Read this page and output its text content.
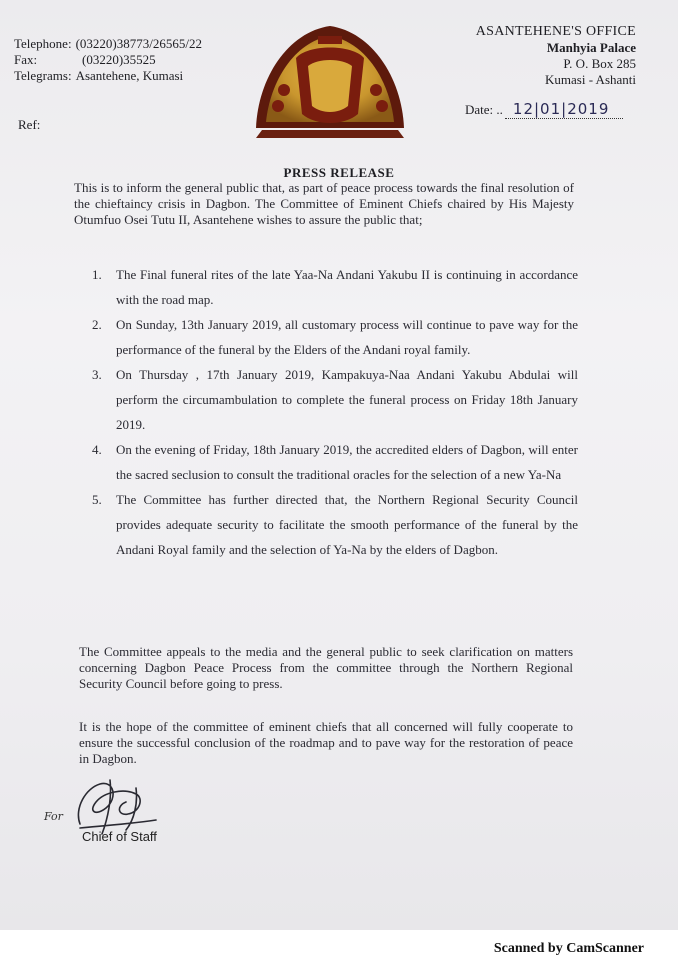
Telephone: (03220)38773/26565/22
Fax:	(03220)35525
Telegrams: Asantehene, Kumasi
Ref:
ASANTEHENE'S OFFICE
Manhyia Palace
P. O. Box 285
Kumasi - Ashanti
Date: .. 12|01|2019
PRESS RELEASE
This is to inform the general public that, as part of peace process towards the final resolution of the chieftaincy crisis in Dagbon. The Committee of Eminent Chiefs chaired by His Majesty Otumfuo Osei Tutu II, Asantehene wishes to assure the public that;
1.	The Final funeral rites of the late Yaa-Na Andani Yakubu II is continuing in accordance with the road map.
2.	On Sunday, 13th January 2019, all customary process will continue to pave way for the performance of the funeral by the Elders of the Andani royal family.
3.	On Thursday , 17th January 2019, Kampakuya-Naa Andani Yakubu Abdulai will perform the circumambulation to complete the funeral process on Friday 18th January 2019.
4.	On the evening of Friday, 18th January 2019, the accredited elders of Dagbon, will enter the sacred seclusion to consult the traditional oracles for the selection of a new Ya-Na
5.	The Committee has further directed that, the Northern Regional Security Council provides adequate security to facilitate the smooth performance of the funeral by the Andani Royal family and the selection of Ya-Na by the elders of Dagbon.
The Committee appeals to the media and the general public to seek clarification on matters concerning Dagbon Peace Process from the committee through the Northern Regional Security Council before going to press.
It is the hope of the committee of eminent chiefs that all concerned will fully cooperate to ensure the successful conclusion of the roadmap and to pave way for the restoration of peace in Dagbon.
For
Chief of Staff
Scanned by CamScanner
